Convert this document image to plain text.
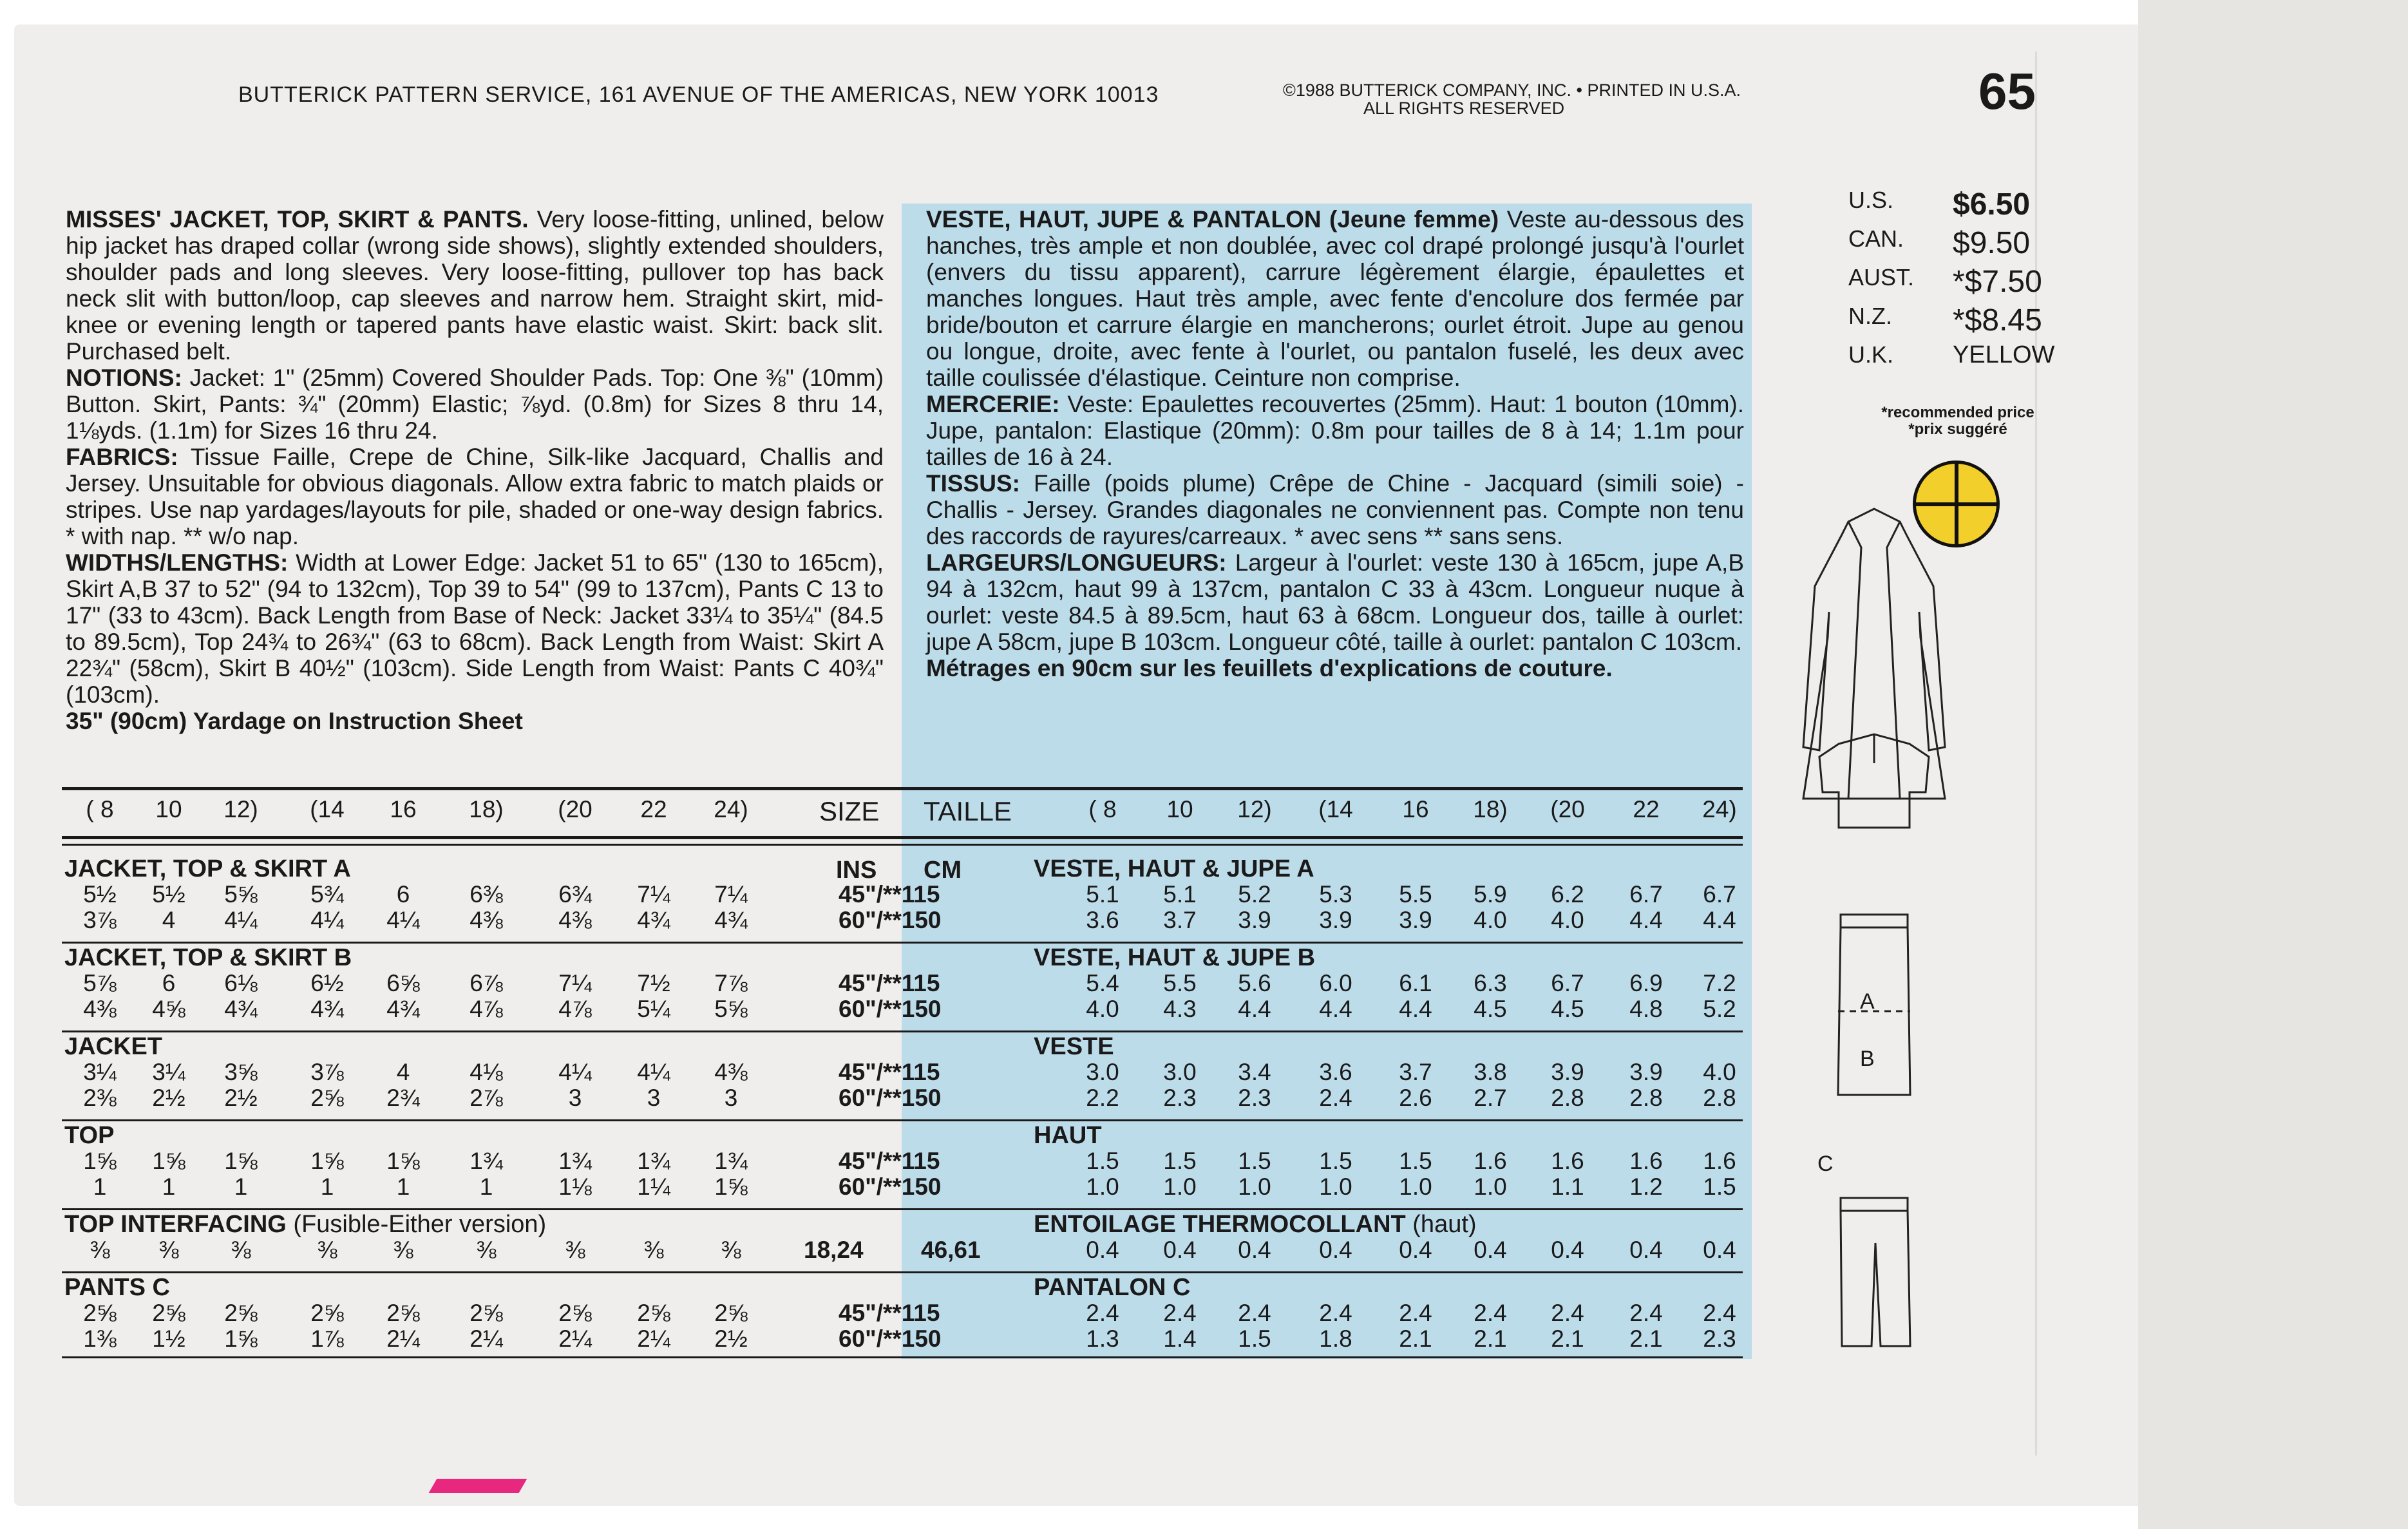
BUTTERICK PATTERN SERVICE, 161 AVENUE OF THE AMERICAS, NEW YORK 10013	©1988 BUTTERICK COMPANY, INC. • PRINTED IN U.S.A.
ALL RIGHTS RESERVED	65
MISSES' JACKET, TOP, SKIRT & PANTS. Very loose-fitting, unlined, below hip jacket has draped collar (wrong side shows), slightly extended shoulders, shoulder pads and long sleeves. Very loose-fitting, pullover top has back neck slit with button/loop, cap sleeves and narrow hem. Straight skirt, mid-knee or evening length or tapered pants have elastic waist. Skirt: back slit. Purchased belt.
NOTIONS: Jacket: 1" (25mm) Covered Shoulder Pads. Top: One ⅜" (10mm) Button. Skirt, Pants: ¾" (20mm) Elastic; ⅞yd. (0.8m) for Sizes 8 thru 14, 1⅛yds. (1.1m) for Sizes 16 thru 24.
FABRICS: Tissue Faille, Crepe de Chine, Silk-like Jacquard, Challis and Jersey. Unsuitable for obvious diagonals. Allow extra fabric to match plaids or stripes. Use nap yardages/layouts for pile, shaded or one-way design fabrics. * with nap. ** w/o nap.
WIDTHS/LENGTHS: Width at Lower Edge: Jacket 51 to 65" (130 to 165cm), Skirt A,B 37 to 52" (94 to 132cm), Top 39 to 54" (99 to 137cm), Pants C 13 to 17" (33 to 43cm). Back Length from Base of Neck: Jacket 33¼ to 35¼" (84.5 to 89.5cm), Top 24¾ to 26¾" (63 to 68cm). Back Length from Waist: Skirt A 22¾" (58cm), Skirt B 40½" (103cm). Side Length from Waist: Pants C 40¾" (103cm).
35" (90cm) Yardage on Instruction Sheet
VESTE, HAUT, JUPE & PANTALON (Jeune femme) Veste au-dessous des hanches, très ample et non doublée, avec col drapé prolongé jusqu'à l'ourlet (envers du tissu apparent), carrure légèrement élargie, épaulettes et manches longues. Haut très ample, avec fente d'encolure dos fermée par bride/bouton et carrure élargie en mancherons; ourlet étroit. Jupe au genou ou longue, droite, avec fente à l'ourlet, ou pantalon fuselé, les deux avec taille coulissée d'élastique. Ceinture non comprise.
MERCERIE: Veste: Epaulettes recouvertes (25mm). Haut: 1 bouton (10mm). Jupe, pantalon: Elastique (20mm): 0.8m pour tailles de 8 à 14; 1.1m pour tailles de 16 à 24.
TISSUS: Faille (poids plume) Crêpe de Chine - Jacquard (simili soie) - Challis - Jersey. Grandes diagonales ne conviennent pas. Compte non tenu des raccords de rayures/carreaux. * avec sens ** sans sens.
LARGEURS/LONGUEURS: Largeur à l'ourlet: veste 130 à 165cm, jupe A,B 94 à 132cm, haut 99 à 137cm, pantalon C 33 à 43cm. Longueur nuque à ourlet: veste 84.5 à 89.5cm, haut 63 à 68cm. Longueur dos, taille à ourlet: jupe A 58cm, jupe B 103cm. Longueur côté, taille à ourlet: pantalon C 103cm.
Métrages en 90cm sur les feuillets d'explications de couture.
U.S. $6.50
CAN. $9.50
AUST. *$7.50
N.Z. *$8.45
U.K. YELLOW
*recommended price
*prix suggéré
A
B
C
( 8	10	12)	(14	16	18)	(20	22	24)	SIZE TAILLE	( 8	10	12)	(14	16	18)	(20	22	24)
INS CM
JACKET, TOP & SKIRT A	VESTE, HAUT & JUPE A
5½	5½	5⅝	5¾	6	6⅜	6¾	7¼	7¼	45"/**115	5.1	5.1	5.2	5.3	5.5	5.9	6.2	6.7	6.7
3⅞	4	4¼	4¼	4¼	4⅜	4⅜	4¾	4¾	60"/**150	3.6	3.7	3.9	3.9	3.9	4.0	4.0	4.4	4.4
JACKET, TOP & SKIRT B	VESTE, HAUT & JUPE B
5⅞	6	6⅛	6½	6⅝	6⅞	7¼	7½	7⅞	45"/**115	5.4	5.5	5.6	6.0	6.1	6.3	6.7	6.9	7.2
4⅜	4⅝	4¾	4¾	4¾	4⅞	4⅞	5¼	5⅝	60"/**150	4.0	4.3	4.4	4.4	4.4	4.5	4.5	4.8	5.2
JACKET	VESTE
3¼	3¼	3⅝	3⅞	4	4⅛	4¼	4¼	4⅜	45"/**115	3.0	3.0	3.4	3.6	3.7	3.8	3.9	3.9	4.0
2⅜	2½	2½	2⅝	2¾	2⅞	3	3	3	60"/**150	2.2	2.3	2.3	2.4	2.6	2.7	2.8	2.8	2.8
TOP	HAUT
1⅝	1⅝	1⅝	1⅝	1⅝	1¾	1¾	1¾	1¾	45"/**115	1.5	1.5	1.5	1.5	1.5	1.6	1.6	1.6	1.6
1	1	1	1	1	1	1⅛	1¼	1⅝	60"/**150	1.0	1.0	1.0	1.0	1.0	1.0	1.1	1.2	1.5
TOP INTERFACING (Fusible-Either version)	ENTOILAGE THERMOCOLLANT (haut)
⅜	⅜	⅜	⅜	⅜	⅜	⅜	⅜	⅜	18,24 46,61	0.4	0.4	0.4	0.4	0.4	0.4	0.4	0.4	0.4
PANTS C	PANTALON C
2⅝	2⅝	2⅝	2⅝	2⅝	2⅝	2⅝	2⅝	2⅝	45"/**115	2.4	2.4	2.4	2.4	2.4	2.4	2.4	2.4	2.4
1⅜	1½	1⅝	1⅞	2¼	2¼	2¼	2¼	2½	60"/**150	1.3	1.4	1.5	1.8	2.1	2.1	2.1	2.1	2.3
